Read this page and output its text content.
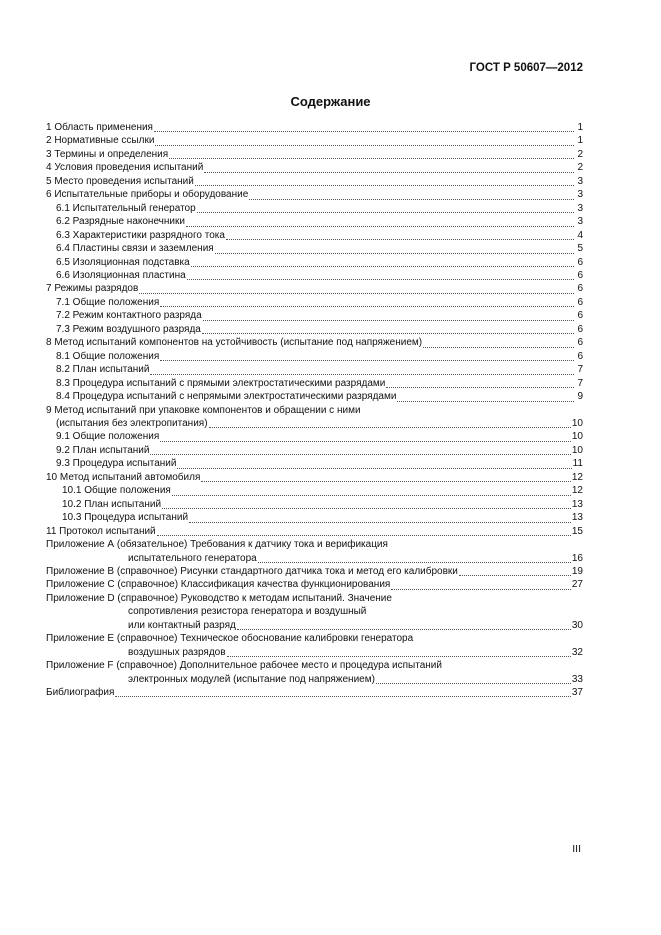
ГОСТ Р 50607—2012
Содержание
1 Область применения	1
2 Нормативные ссылки	1
3 Термины и определения	2
4 Условия проведения испытаний	2
5 Место проведения испытаний	3
6 Испытательные приборы и оборудование	3
6.1 Испытательный генератор	3
6.2 Разрядные наконечники	3
6.3 Характеристики разрядного тока	4
6.4 Пластины связи и заземления	5
6.5 Изоляционная подставка	6
6.6 Изоляционная пластина	6
7 Режимы разрядов	6
7.1 Общие положения	6
7.2 Режим контактного разряда	6
7.3 Режим воздушного разряда	6
8 Метод испытаний компонентов на устойчивость (испытание под напряжением)	6
8.1 Общие положения	6
8.2 План испытаний	7
8.3 Процедура испытаний с прямыми электростатическими разрядами	7
8.4 Процедура испытаний с непрямыми электростатическими разрядами	9
9 Метод испытаний при упаковке компонентов и обращении с ними
(испытания без электропитания)	10
9.1 Общие положения	10
9.2 План испытаний	10
9.3 Процедура испытаний	11
10 Метод испытаний автомобиля	12
10.1 Общие положения	12
10.2 План испытаний	13
10.3 Процедура испытаний	13
11 Протокол испытаний	15
Приложение А (обязательное) Требования к датчику тока и верификация
испытательного генератора	16
Приложение В (справочное) Рисунки стандартного датчика тока и метод его калибровки	19
Приложение С (справочное) Классификация качества функционирования	27
Приложение D (справочное) Руководство к методам испытаний. Значение
сопротивления резистора генератора и воздушный
или контактный разряд	30
Приложение Е (справочное) Техническое обоснование калибровки генератора
воздушных разрядов	32
Приложение F (справочное) Дополнительное рабочее место и процедура испытаний
электронных модулей (испытание под напряжением)	33
Библиография	37
III
